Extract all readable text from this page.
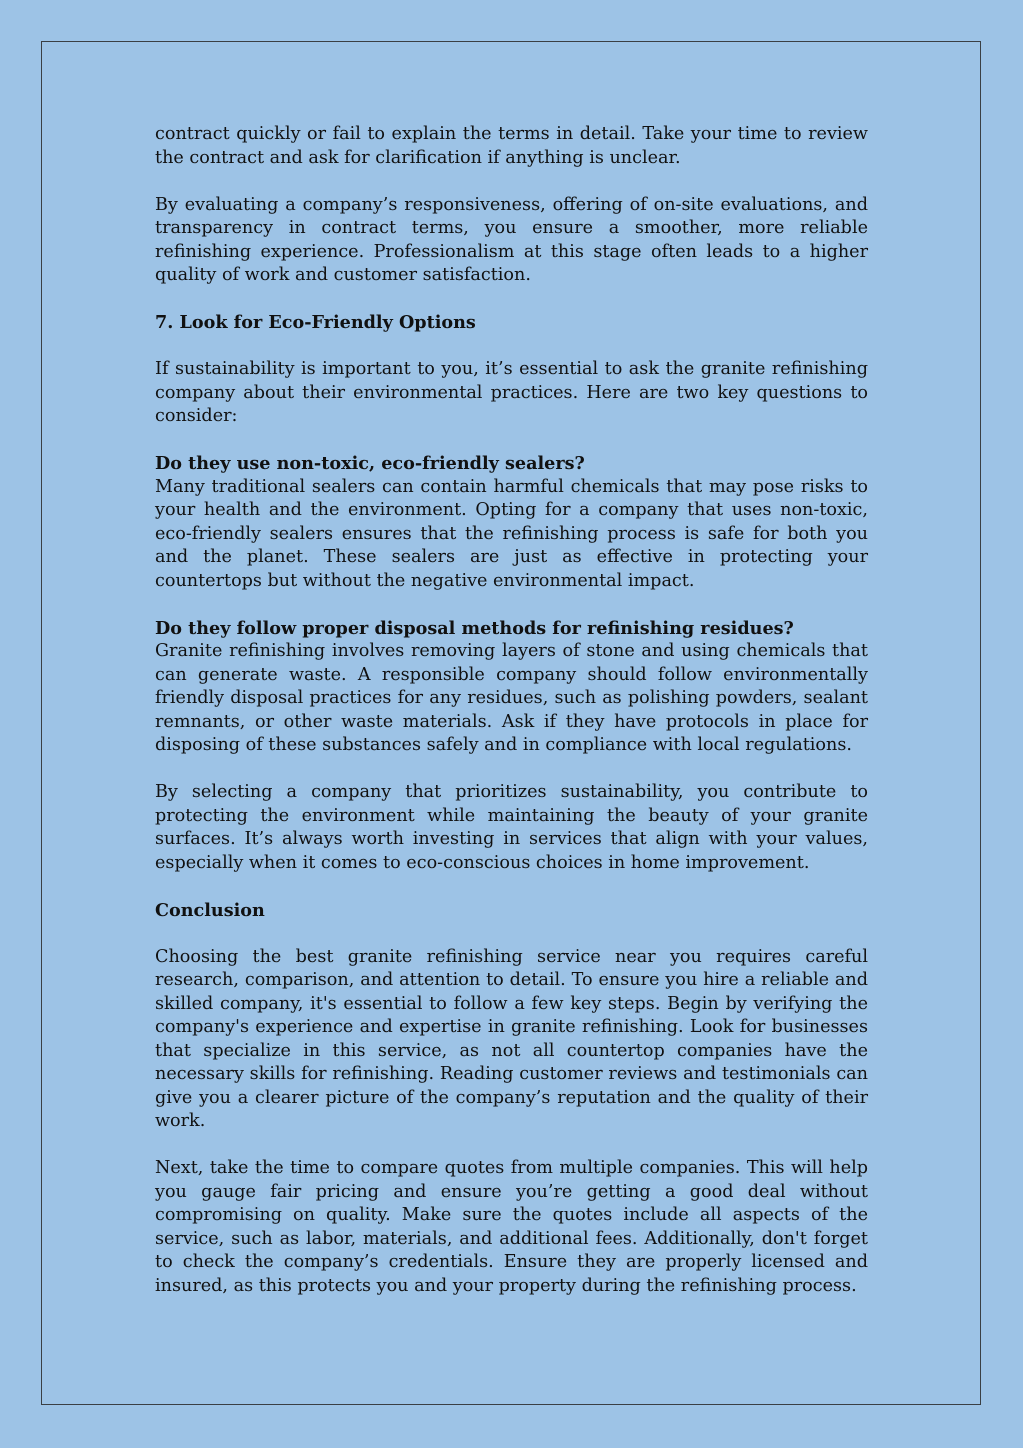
contract quickly or fail to explain the terms in detail. Take your time to review the contract and ask for clarification if anything is unclear.

By evaluating a company’s responsiveness, offering of on-site evaluations, and transparency in contract terms, you ensure a smoother, more reliable refinishing experience. Professionalism at this stage often leads to a higher quality of work and customer satisfaction.

7. Look for Eco-Friendly Options

If sustainability is important to you, it’s essential to ask the granite refinishing company about their environmental practices. Here are two key questions to consider:

Do they use non-toxic, eco-friendly sealers?

Many traditional sealers can contain harmful chemicals that may pose risks to your health and the environment. Opting for a company that uses non-toxic, eco-friendly sealers ensures that the refinishing process is safe for both you and the planet. These sealers are just as effective in protecting your countertops but without the negative environmental impact.

Do they follow proper disposal methods for refinishing residues?

Granite refinishing involves removing layers of stone and using chemicals that can generate waste. A responsible company should follow environmentally friendly disposal practices for any residues, such as polishing powders, sealant remnants, or other waste materials. Ask if they have protocols in place for disposing of these substances safely and in compliance with local regulations.

By selecting a company that prioritizes sustainability, you contribute to protecting the environment while maintaining the beauty of your granite surfaces. It’s always worth investing in services that align with your values, especially when it comes to eco-conscious choices in home improvement.

Conclusion

Choosing the best granite refinishing service near you requires careful research, comparison, and attention to detail. To ensure you hire a reliable and skilled company, it's essential to follow a few key steps. Begin by verifying the company's experience and expertise in granite refinishing. Look for businesses that specialize in this service, as not all countertop companies have the necessary skills for refinishing. Reading customer reviews and testimonials can give you a clearer picture of the company’s reputation and the quality of their work.

Next, take the time to compare quotes from multiple companies. This will help you gauge fair pricing and ensure you’re getting a good deal without compromising on quality. Make sure the quotes include all aspects of the service, such as labor, materials, and additional fees. Additionally, don't forget to check the company’s credentials. Ensure they are properly licensed and insured, as this protects you and your property during the refinishing process.
